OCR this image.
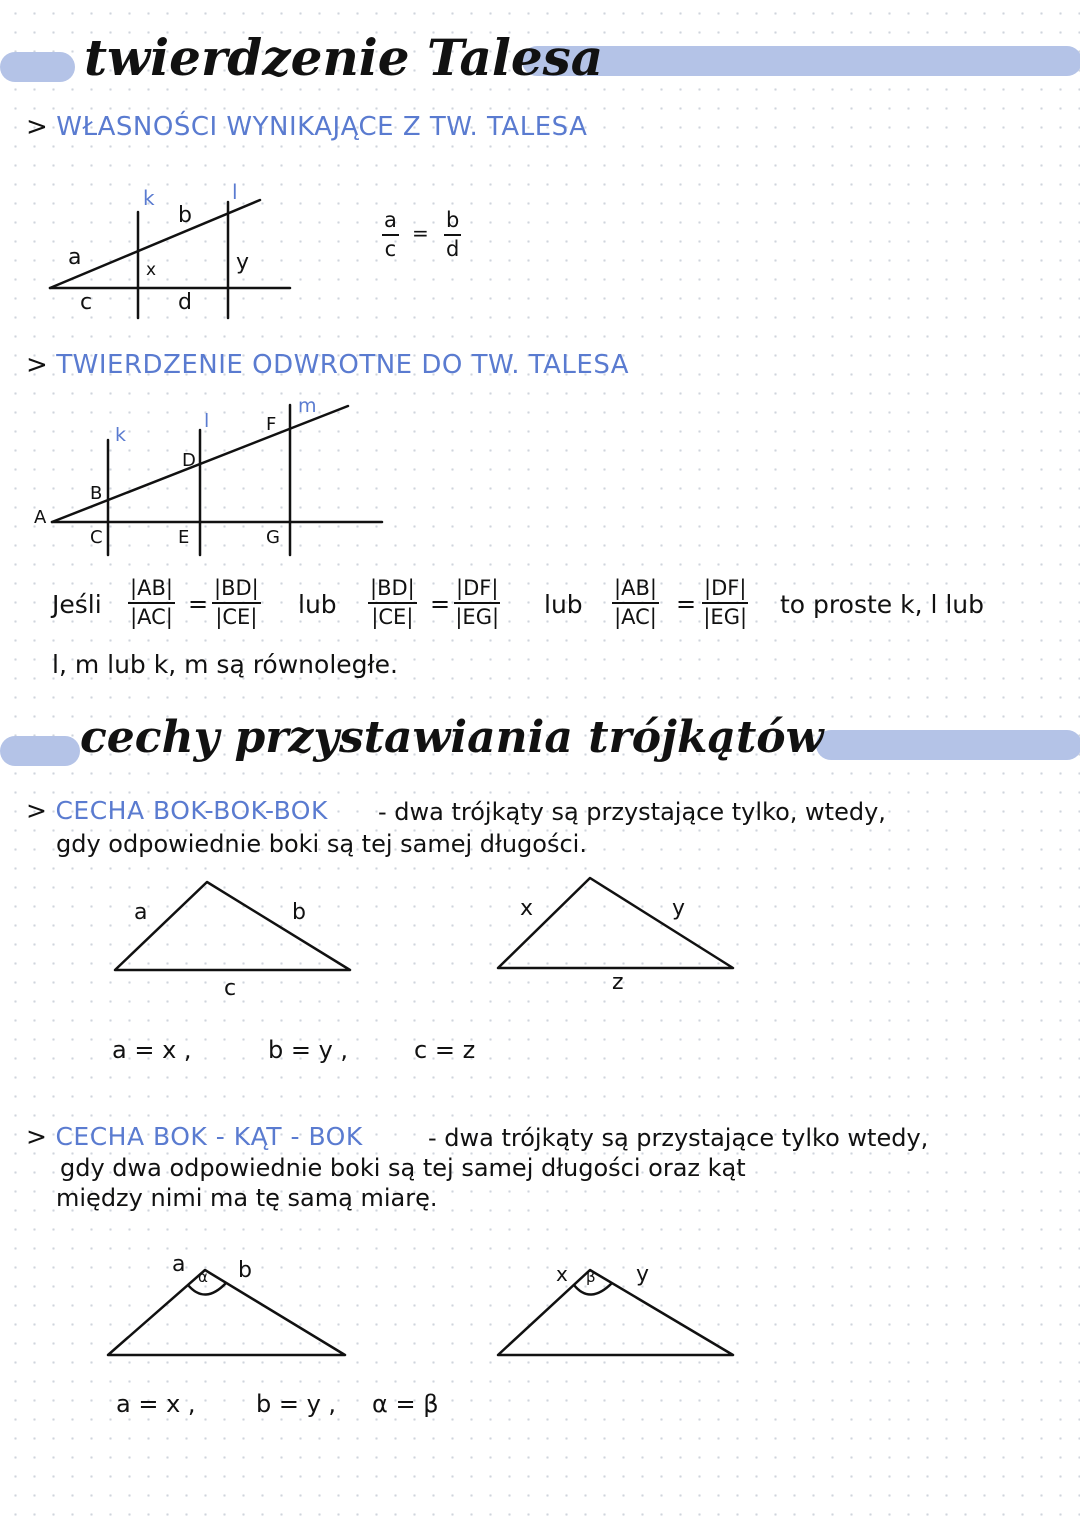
twierdzenie Talesa
> WŁASNOŚCI WYNIKAJĄCE Z TW. TALESA
k	l
a
b
c	d
x	y
$\frac{a}{c} = \frac{b}{d}$
> TWIERDZENIE ODWROTNE DO TW. TALESA
k
l
m
A
B
C
D
E
F
G
Jeśli $\frac{|AB|}{|AC|} = \frac{|BD|}{|CE|}$ lub $\frac{|BD|}{|CE|} = \frac{|DF|}{|EG|}$ lub $\frac{|AB|}{|AC|} = \frac{|DF|}{|EG|}$ to proste k, l lub
l, m lub k, m są równoległe.
cechy przystawiania trójkątów
> CECHA BOK-BOK-BOK - dwa trójkąty są przystające tylko, wtedy,
gdy odpowiednie boki są tej samej długości.
a	b
c
x	y
z
a = x ,	b = y ,	c = z
> CECHA BOK - KĄT - BOK	- dwa trójkąty są przystające tylko wtedy,
gdy dwa odpowiednie boki są tej samej długości oraz kąt
między nimi ma tę samą miarę.
a b
α	x	y
β
a = x ,	b = y , α = β
